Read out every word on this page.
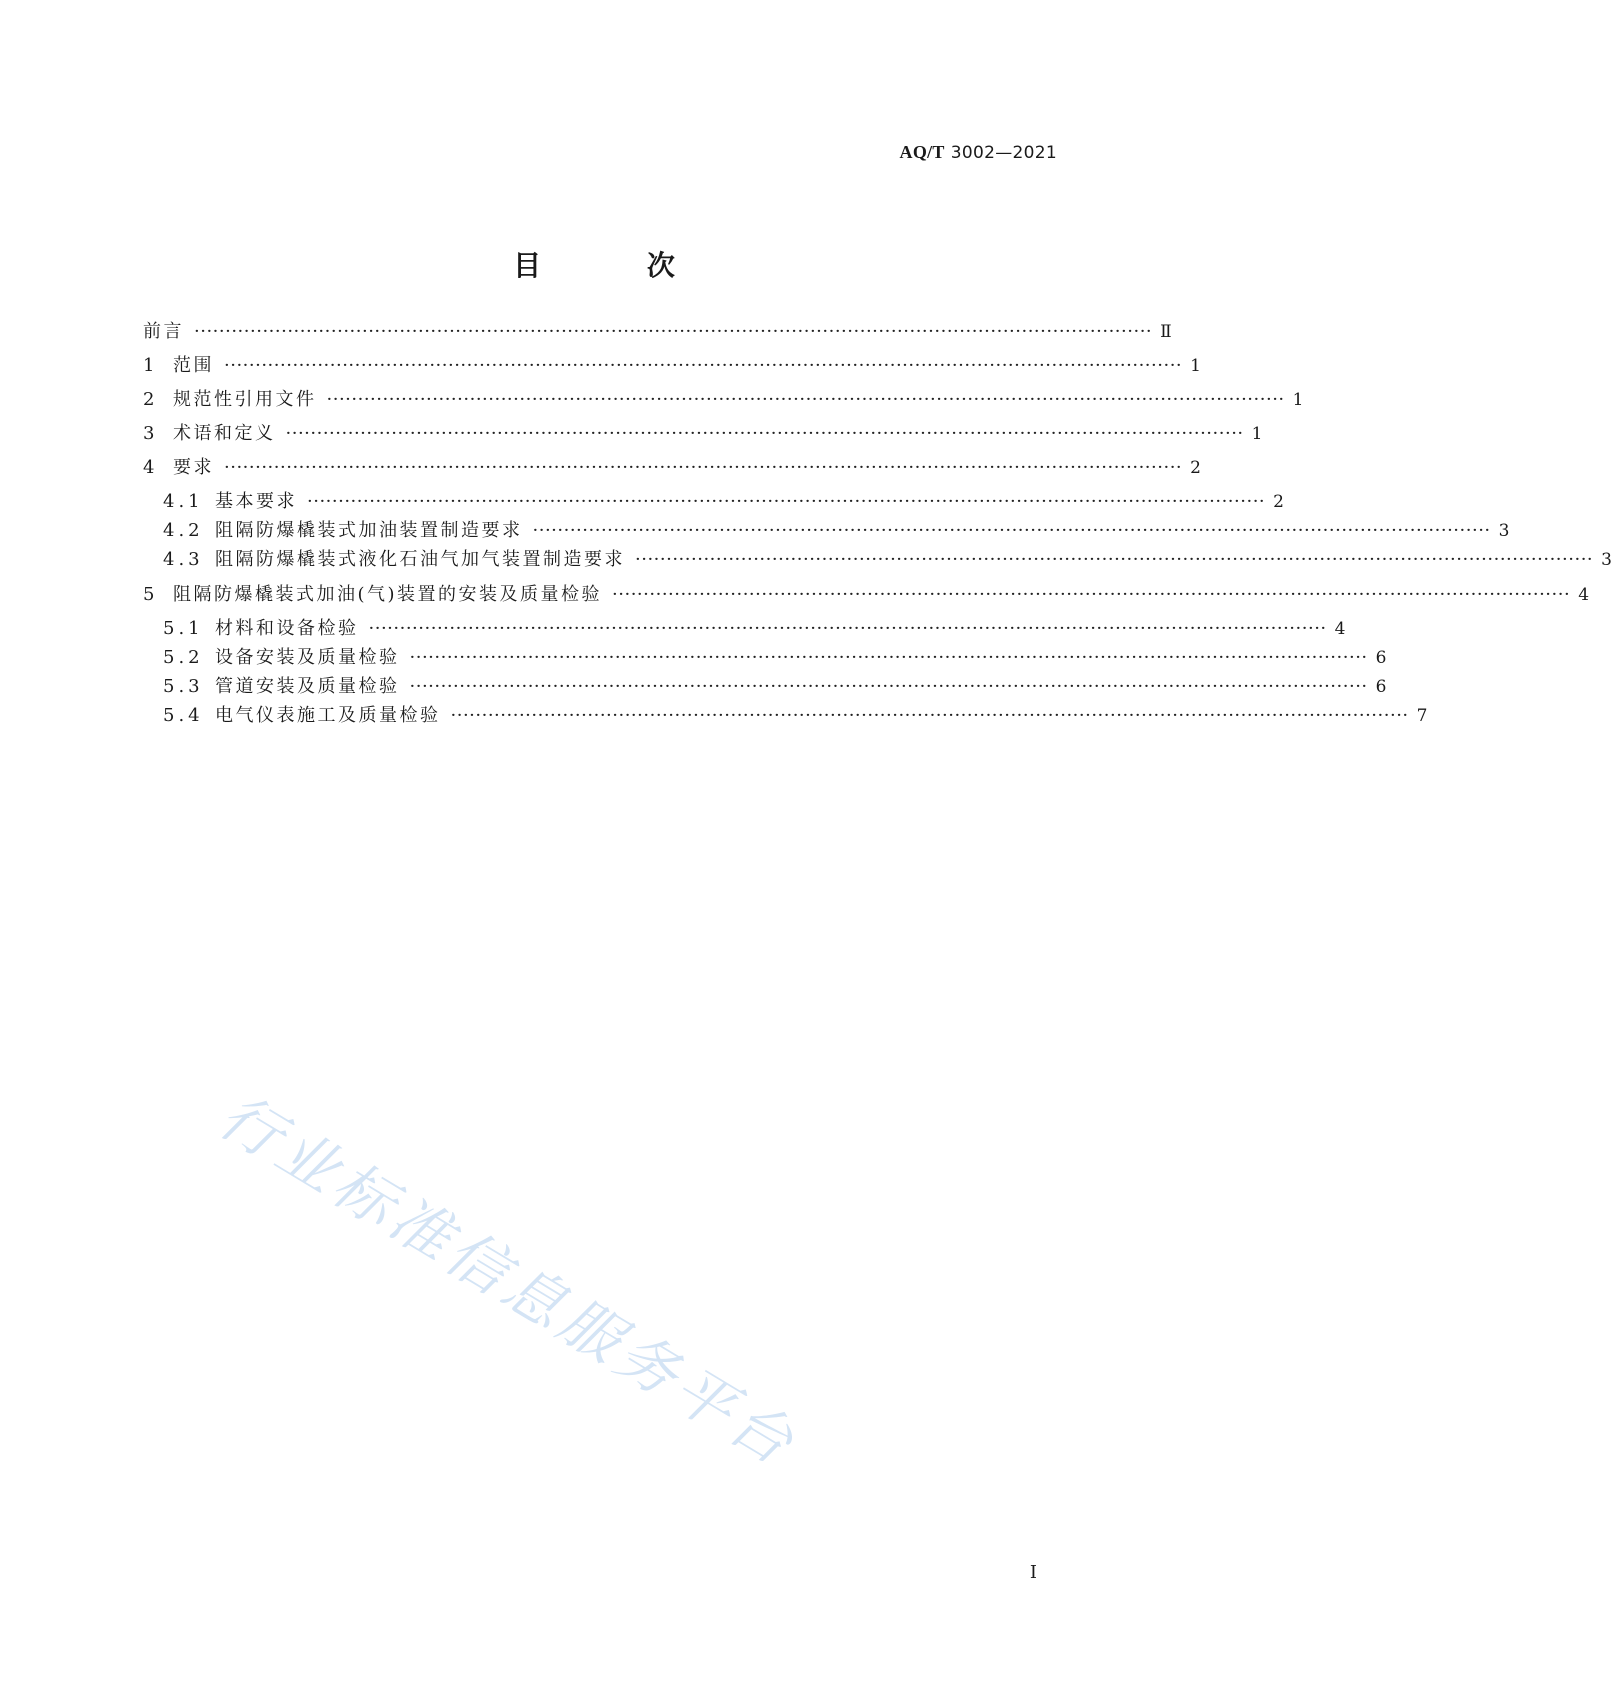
AQ/T 3002—2021
目 次
前言 ·························································································································································· Ⅱ
1 范围 ·························································································································································· 1
2 规范性引用文件 ·························································································································································· 1
3 术语和定义 ·························································································································································· 1
4 要求 ·························································································································································· 2
4.1 基本要求 ·························································································································································· 2
4.2 阻隔防爆橇装式加油装置制造要求 ·························································································································································· 3
4.3 阻隔防爆橇装式液化石油气加气装置制造要求 ·························································································································································· 3
5 阻隔防爆橇装式加油(气)装置的安装及质量检验 ·························································································································································· 4
5.1 材料和设备检验 ·························································································································································· 4
5.2 设备安装及质量检验 ·························································································································································· 6
5.3 管道安装及质量检验 ·························································································································································· 6
5.4 电气仪表施工及质量检验 ·························································································································································· 7
行业标准信息服务平台
I
